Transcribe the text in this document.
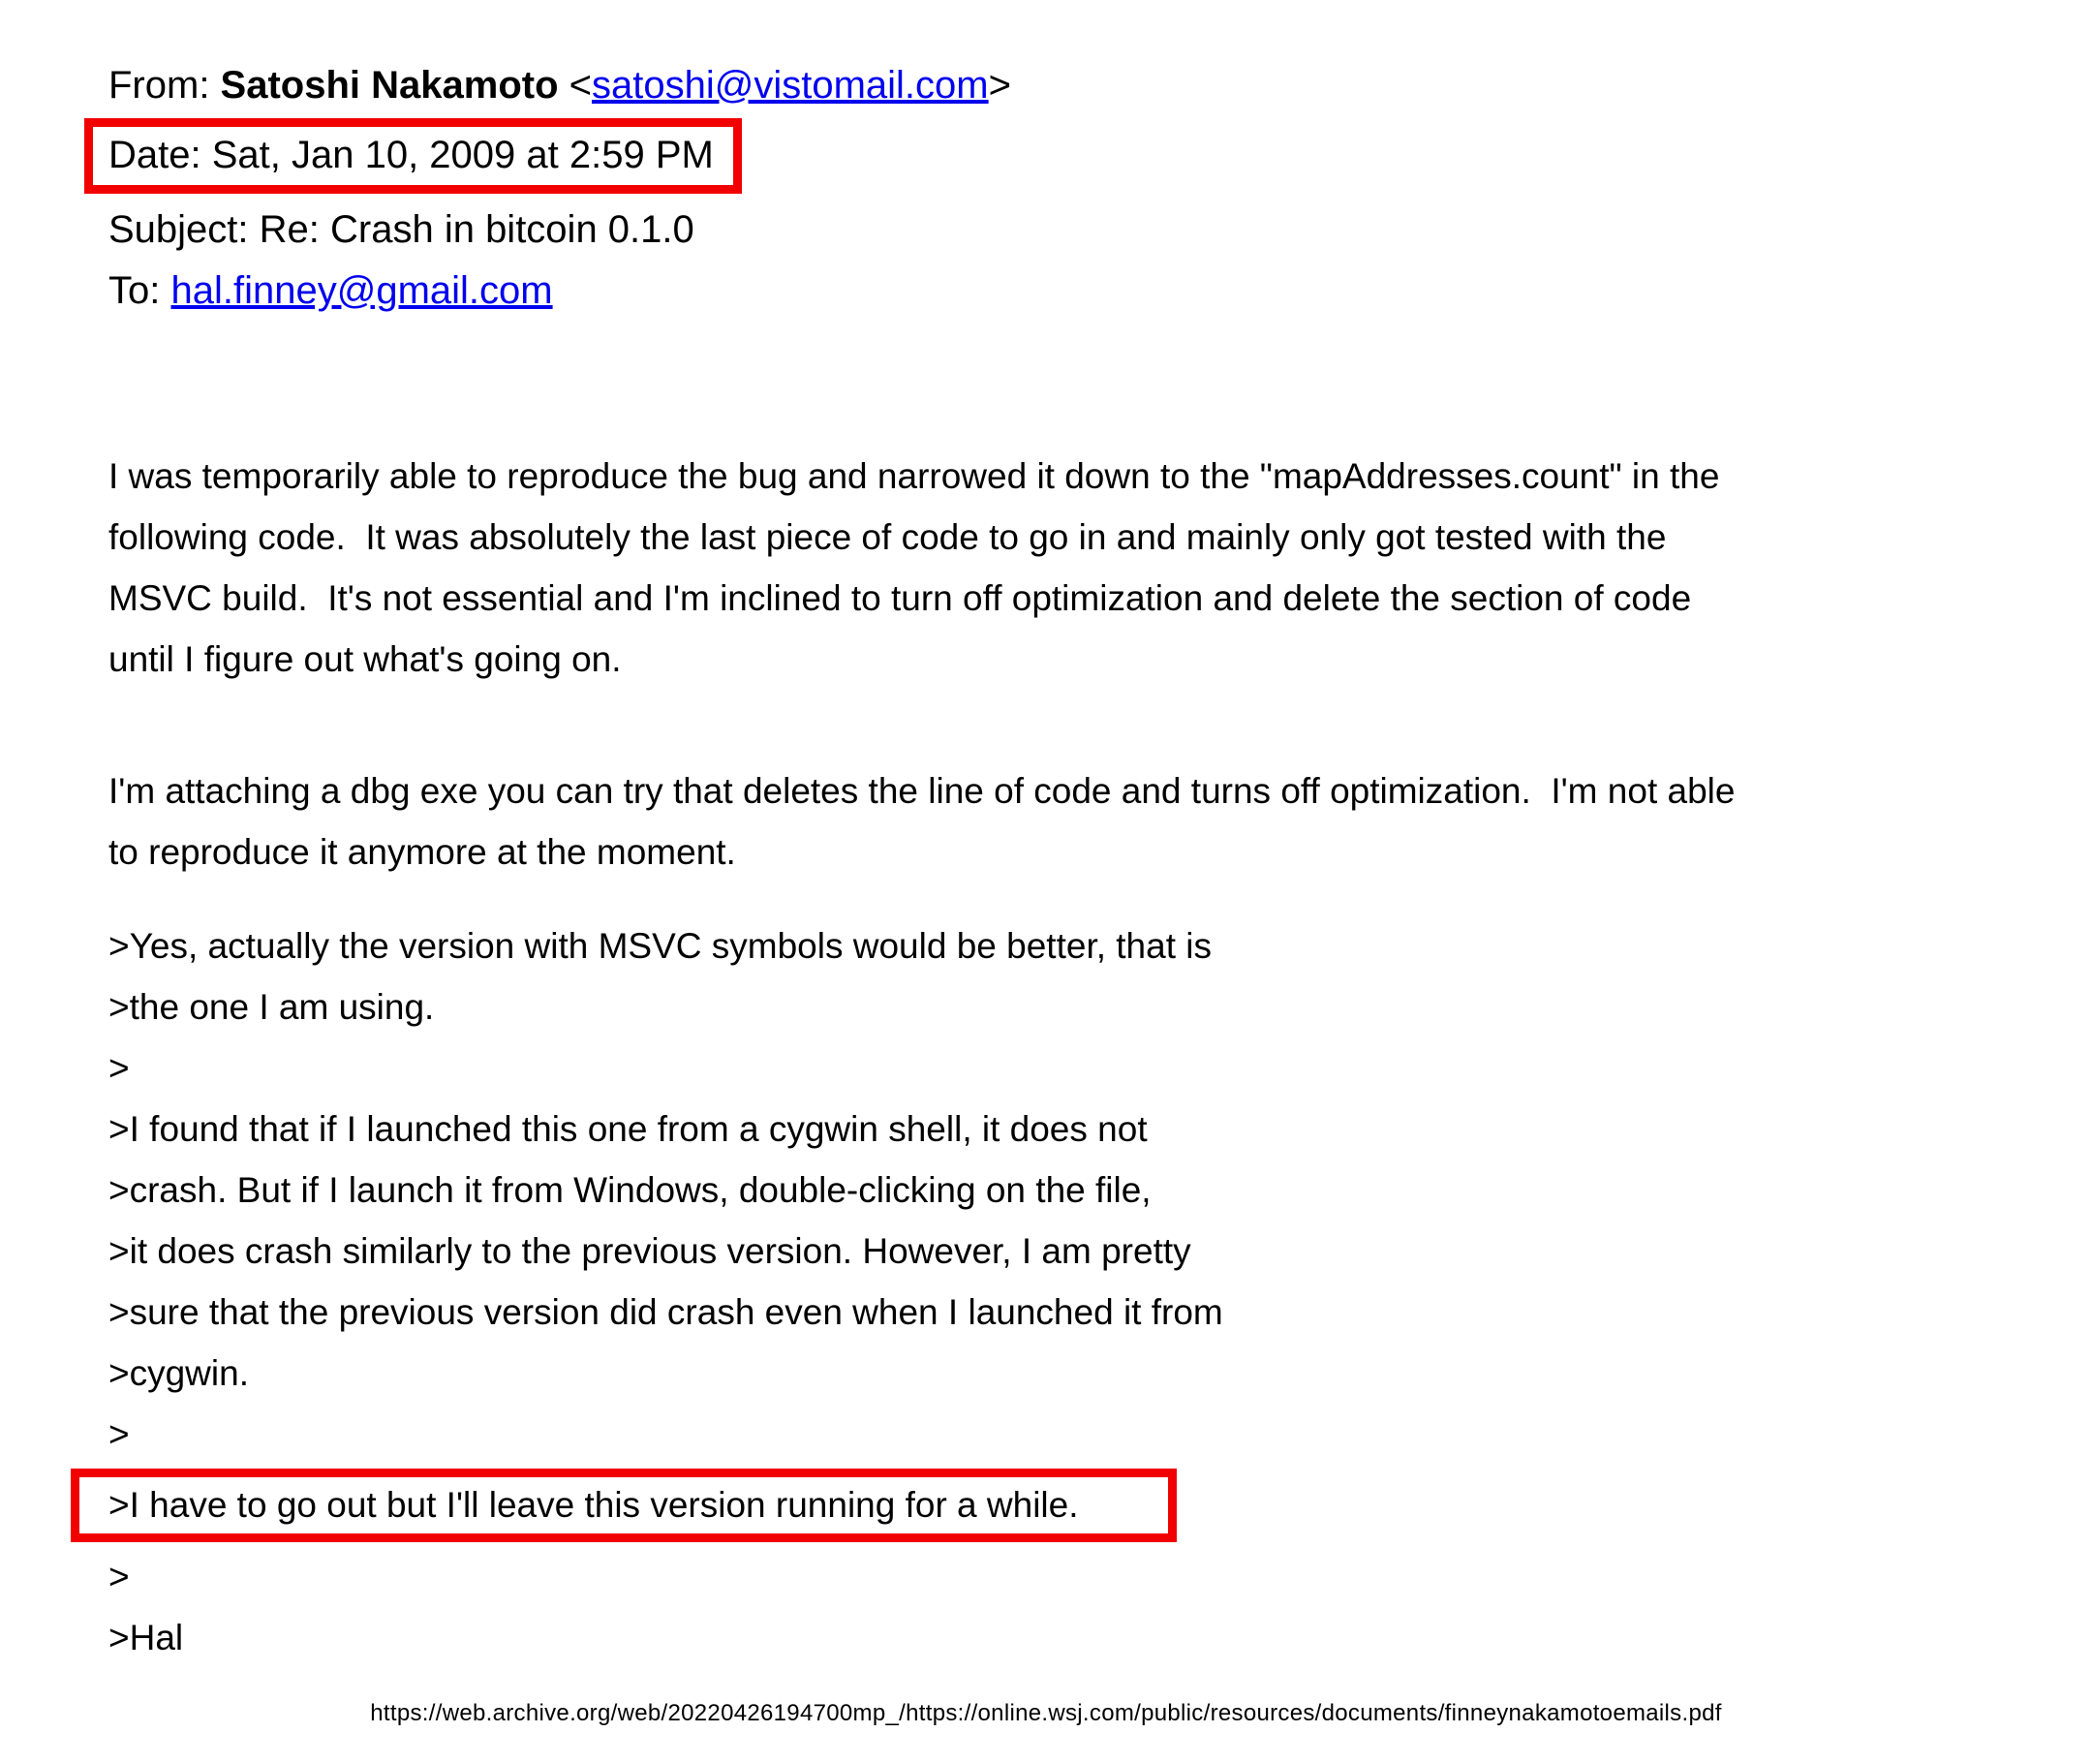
From: Satoshi Nakamoto <satoshi@vistomail.com>
Date: Sat, Jan 10, 2009 at 2:59 PM
Subject: Re: Crash in bitcoin 0.1.0
To: hal.finney@gmail.com
I was temporarily able to reproduce the bug and narrowed it down to the "mapAddresses.count" in the
following code.  It was absolutely the last piece of code to go in and mainly only got tested with the
MSVC build.  It's not essential and I'm inclined to turn off optimization and delete the section of code
until I figure out what's going on.
I'm attaching a dbg exe you can try that deletes the line of code and turns off optimization.  I'm not able
to reproduce it anymore at the moment.
>Yes, actually the version with MSVC symbols would be better, that is
>the one I am using.
>
>I found that if I launched this one from a cygwin shell, it does not
>crash. But if I launch it from Windows, double-clicking on the file,
>it does crash similarly to the previous version. However, I am pretty
>sure that the previous version did crash even when I launched it from
>cygwin.
>
>I have to go out but I'll leave this version running for a while.
>
>Hal
https://web.archive.org/web/20220426194700mp_/https://online.wsj.com/public/resources/documents/finneynakamotoemails.pdf
